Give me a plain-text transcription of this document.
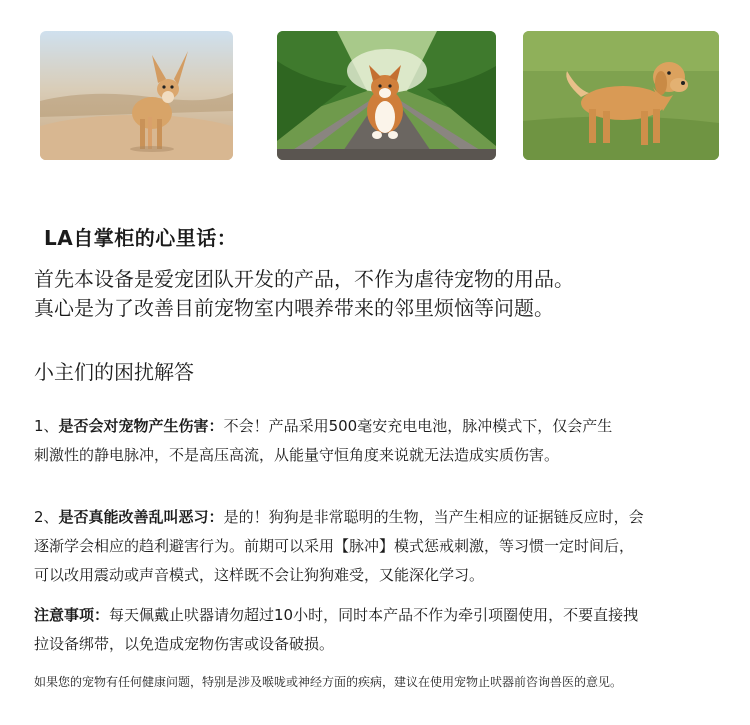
LA自掌柜的心里话：
首先本设备是爱宠团队开发的产品，不作为虐待宠物的用品。
真心是为了改善目前宠物室内喂养带来的邻里烦恼等问题。
小主们的困扰解答
1、是否会对宠物产生伤害：不会！产品采用500毫安充电电池，脉冲模式下，仅会产生
刺激性的静电脉冲，不是高压高流，从能量守恒角度来说就无法造成实质伤害。
2、是否真能改善乱叫恶习：是的！狗狗是非常聪明的生物，当产生相应的证据链反应时，会
逐渐学会相应的趋利避害行为。前期可以采用【脉冲】模式惩戒刺激，等习惯一定时间后，
可以改用震动或声音模式，这样既不会让狗狗难受，又能深化学习。
注意事项：每天佩戴止吠器请勿超过10小时，同时本产品不作为牵引项圈使用，不要直接拽
拉设备绑带，以免造成宠物伤害或设备破损。
如果您的宠物有任何健康问题，特别是涉及喉咙或神经方面的疾病，建议在使用宠物止吠器前咨询兽医的意见。
